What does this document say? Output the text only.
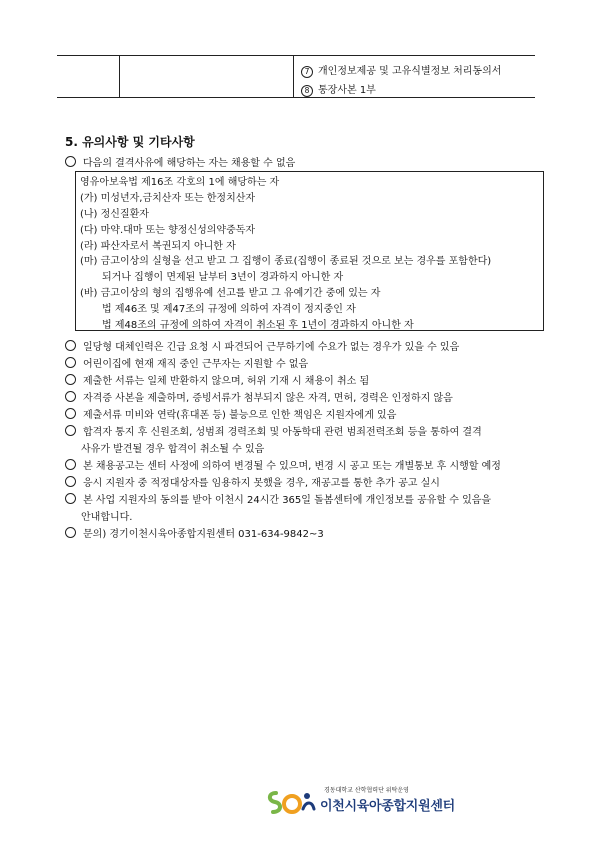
7 개인정보제공 및 고유식별정보 처리동의서
8 통장사본 1부
5. 유의사항 및 기타사항
다음의 결격사유에 해당하는 자는 채용할 수 없음
영유아보육법 제16조 각호의 1에 해당하는 자
(가) 미성년자,금치산자 또는 한정치산자
(나) 정신질환자
(다) 마약.대마 또는 향정신성의약중독자
(라) 파산자로서 복권되지 아니한 자
(마) 금고이상의 실형을 선고 받고 그 집행이 종료(집행이 종료된 것으로 보는 경우를 포함한다)
되거나 집행이 면제된 날부터 3년이 경과하지 아니한 자
(바) 금고이상의 형의 집행유예 선고를 받고 그 유예기간 중에 있는 자
법 제46조 및 제47조의 규정에 의하여 자격이 정지중인 자
법 제48조의 규정에 의하여 자격이 취소된 후 1년이 경과하지 아니한 자
일당형 대체인력은 긴급 요청 시 파견되어 근무하기에 수요가 없는 경우가 있을 수 있음
어린이집에 현재 재직 중인 근무자는 지원할 수 없음
제출한 서류는 일체 반환하지 않으며, 허위 기재 시 채용이 취소 됨
자격증 사본을 제출하며, 증빙서류가 첨부되지 않은 자격, 면허, 경력은 인정하지 않음
제출서류 미비와 연락(휴대폰 등) 불능으로 인한 책임은 지원자에게 있음
합격자 통지 후 신원조회, 성범죄 경력조회 및 아동학대 관련 범죄전력조회 등을 통하여 결격
사유가 발견될 경우 합격이 취소될 수 있음
본 채용공고는 센터 사정에 의하여 변경될 수 있으며, 변경 시 공고 또는 개별통보 후 시행할 예정
응시 지원자 중 적정대상자를 임용하지 못했을 경우, 재공고를 통한 추가 공고 실시
본 사업 지원자의 동의를 받아 이천시 24시간 365일 돌봄센터에 개인정보를 공유할 수 있음을
안내합니다.
문의) 경기이천시육아종합지원센터 031-634-9842~3
경동대학교 산학협력단 위탁운영
이천시육아종합지원센터
